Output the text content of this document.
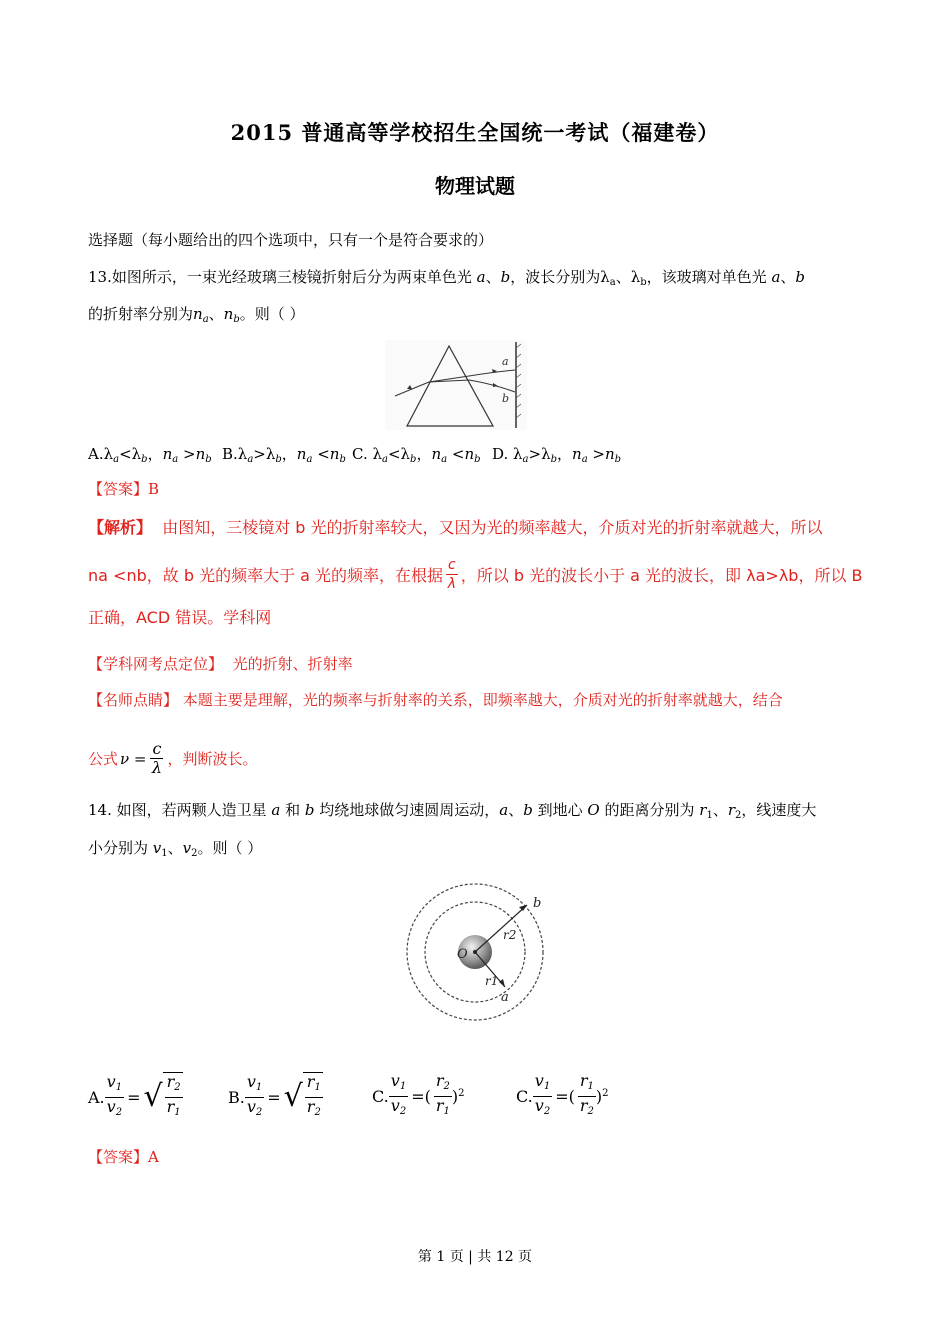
2015 普通高等学校招生全国统一考试（福建卷）
物理试题
选择题（每小题给出的四个选项中，只有一个是符合要求的）
13.如图所示，一束光经玻璃三棱镜折射后分为两束单色光 a、b，波长分别为$\lambda_a$、$\lambda_b$，该玻璃对单色光 a、b
的折射率分别为$n_a$、$n_b$。则（ ）
a
b
$A.\lambda_a<\lambda_b$，$n_a >n_b$ $B.\lambda_a>\lambda_b$，$n_a <n_b$ C. $\lambda_a<\lambda_b$，$n_a <n_b$ D. $\lambda_a>\lambda_b$，$n_a >n_b$
【答案】B
【解析】 由图知，三棱镜对 b 光的折射率较大，又因为光的频率越大，介质对光的折射率就越大，所以
na <nb，故 b 光的频率大于 a 光的频率，在根据 $\frac{c}{\lambda}$ ，所以 b 光的波长小于 a 光的波长，即 λa>λb，所以 B
正确，ACD 错误。学科网
【学科网考点定位】 光的折射、折射率
【名师点睛】 本题主要是理解，光的频率与折射率的关系，即频率越大，介质对光的折射率就越大，结合
公式 $\nu = \frac{c}{\lambda}$ ，判断波长。
14. 如图，若两颗人造卫星 a 和 b 均绕地球做匀速圆周运动，a、b 到地心 O 的距离分别为 $r_1$、$r_2$，线速度大
小分别为 $v_1$、$v_2$。则（ ）
O
b
a
r2
r1
A. $\frac{v_1}{v_2}$ = √ $\frac{r_2}{r_1}$	B. $\frac{v_1}{v_2}$ = √ $\frac{r_1}{r_2}$	C. $\frac{v_1}{v_2}$ =( $\frac{r_2}{r_1} )^2$	C. $\frac{v_1}{v_2}$ =( $\frac{r_1}{r_2} )^2$
【答案】A
第 1 页 | 共 12 页
